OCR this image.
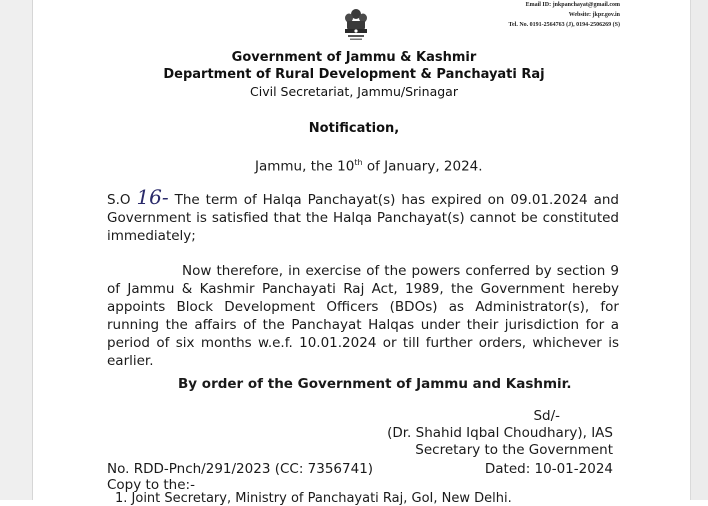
Email ID: jnkpanchayat@gmail.com
Website: jkpr.gov.in
Tel. No. 0191-2564763 (J), 0194-2506269 (S)
Government of Jammu & Kashmir
Department of Rural Development & Panchayati Raj
Civil Secretariat, Jammu/Srinagar
Notification,
Jammu, the 10th of January, 2024.

S.O 16- The term of Halqa Panchayat(s) has expired on 09.01.2024 and Government is satisfied that the Halqa Panchayat(s) cannot be constituted immediately;

Now therefore, in exercise of the powers conferred by section 9 of Jammu & Kashmir Panchayati Raj Act, 1989, the Government hereby appoints Block Development Officers (BDOs) as Administrator(s), for running the affairs of the Panchayat Halqas under their jurisdiction for a period of six months w.e.f. 10.01.2024 or till further orders, whichever is earlier.

By order of the Government of Jammu and Kashmir.
Sd/-
(Dr. Shahid Iqbal Choudhary), IAS
Secretary to the Government
Dated: 10-01-2024
No. RDD-Pnch/291/2023 (CC: 7356741)
Copy to the:-
1. Joint Secretary, Ministry of Panchayati Raj, GoI, New Delhi.
